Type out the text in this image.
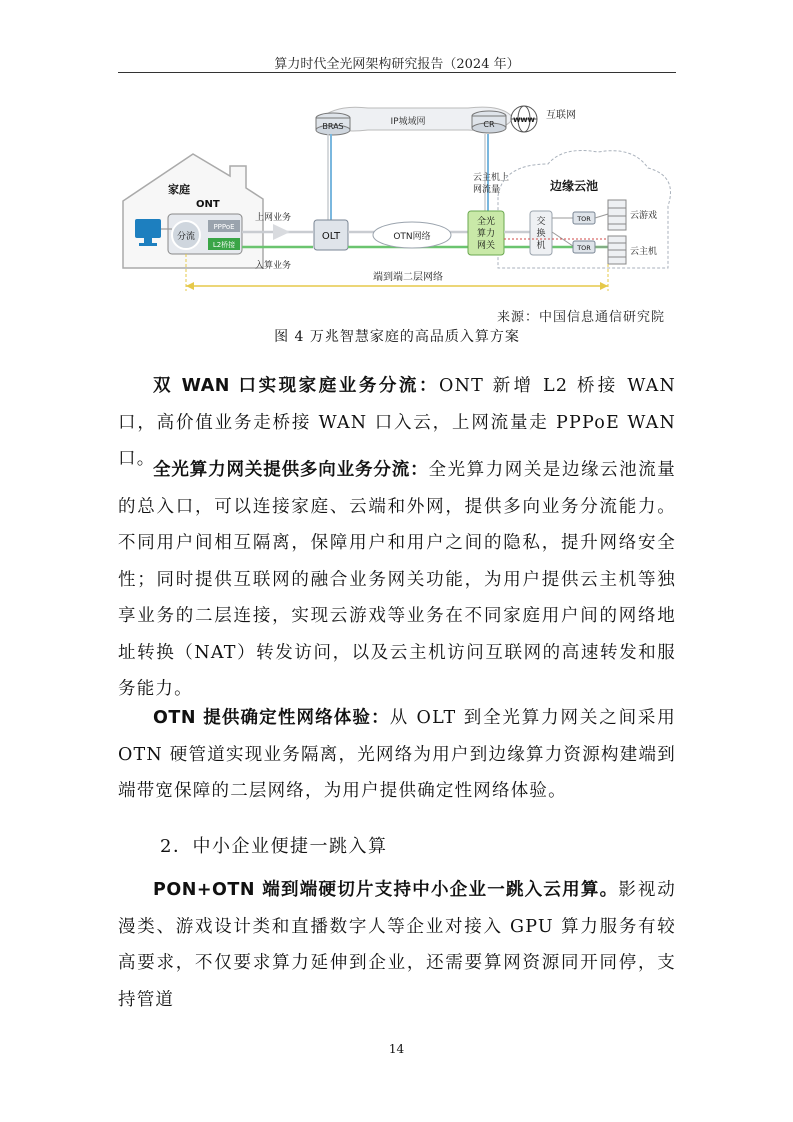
算力时代全光网架构研究报告（2024 年）
IP城域网
BRAS	CR	WWW 互联网
家庭
ONT
分流
PPPoE
L2桥接
上网业务
入算业务
OLT	OTN网络
云主机上
网流量	边缘云池
全光
算力
网关
交
换
机
TOR
TOR
云游戏
云主机
端到端二层网络
来源：中国信息通信研究院
图 4 万兆智慧家庭的高品质入算方案
双 WAN 口实现家庭业务分流：ONT 新增 L2 桥接 WAN 口，高价值业务走桥接 WAN 口入云，上网流量走 PPPoE WAN 口。
全光算力网关提供多向业务分流：全光算力网关是边缘云池流量的总入口，可以连接家庭、云端和外网，提供多向业务分流能力。不同用户间相互隔离，保障用户和用户之间的隐私，提升网络安全性；同时提供互联网的融合业务网关功能，为用户提供云主机等独享业务的二层连接，实现云游戏等业务在不同家庭用户间的网络地址转换（NAT）转发访问，以及云主机访问互联网的高速转发和服务能力。
OTN 提供确定性网络体验：从 OLT 到全光算力网关之间采用 OTN 硬管道实现业务隔离，光网络为用户到边缘算力资源构建端到端带宽保障的二层网络，为用户提供确定性网络体验。
2．中小企业便捷一跳入算
PON+OTN 端到端硬切片支持中小企业一跳入云用算。影视动漫类、游戏设计类和直播数字人等企业对接入 GPU 算力服务有较高要求，不仅要求算力延伸到企业，还需要算网资源同开同停，支持管道
14
